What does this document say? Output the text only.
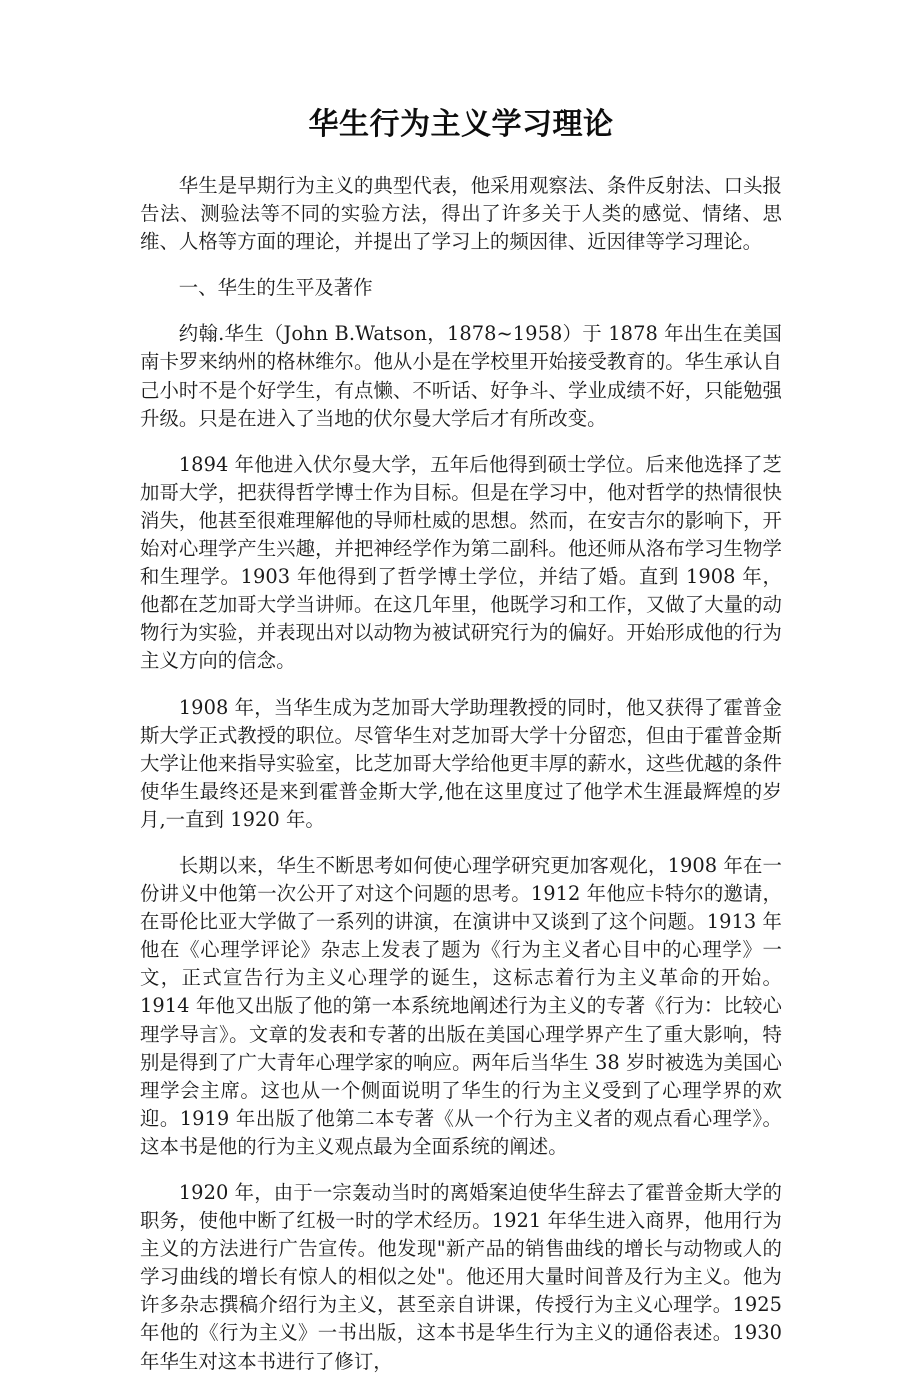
华生行为主义学习理论

华生是早期行为主义的典型代表，他采用观察法、条件反射法、口头报告法、测验法等不同的实验方法，得出了许多关于人类的感觉、情绪、思维、人格等方面的理论，并提出了学习上的频因律、近因律等学习理论。

一、华生的生平及著作

约翰.华生（John B.Watson，1878~1958）于 1878 年出生在美国南卡罗来纳州的格林维尔。他从小是在学校里开始接受教育的。华生承认自己小时不是个好学生，有点懒、不听话、好争斗、学业成绩不好，只能勉强升级。只是在进入了当地的伏尔曼大学后才有所改变。

1894 年他进入伏尔曼大学，五年后他得到硕士学位。后来他选择了芝加哥大学，把获得哲学博士作为目标。但是在学习中，他对哲学的热情很快消失，他甚至很难理解他的导师杜威的思想。然而，在安吉尔的影响下，开始对心理学产生兴趣，并把神经学作为第二副科。他还师从洛布学习生物学和生理学。1903 年他得到了哲学博土学位，并结了婚。直到 1908 年，他都在芝加哥大学当讲师。在这几年里，他既学习和工作，又做了大量的动物行为实验，并表现出对以动物为被试研究行为的偏好。开始形成他的行为主义方向的信念。

1908 年，当华生成为芝加哥大学助理教授的同时，他又获得了霍普金斯大学正式教授的职位。尽管华生对芝加哥大学十分留恋，但由于霍普金斯大学让他来指导实验室，比芝加哥大学给他更丰厚的薪水，这些优越的条件使华生最终还是来到霍普金斯大学,他在这里度过了他学术生涯最辉煌的岁月,一直到 1920 年。

长期以来，华生不断思考如何使心理学研究更加客观化，1908 年在一份讲义中他第一次公开了对这个问题的思考。1912 年他应卡特尔的邀请，在哥伦比亚大学做了一系列的讲演，在演讲中又谈到了这个问题。1913 年他在《心理学评论》杂志上发表了题为《行为主义者心目中的心理学》一文，正式宣告行为主义心理学的诞生，这标志着行为主义革命的开始。1914 年他又出版了他的第一本系统地阐述行为主义的专著《行为：比较心理学导言》。文章的发表和专著的出版在美国心理学界产生了重大影响，特别是得到了广大青年心理学家的响应。两年后当华生 38 岁时被选为美国心理学会主席。这也从一个侧面说明了华生的行为主义受到了心理学界的欢迎。1919 年出版了他第二本专著《从一个行为主义者的观点看心理学》。这本书是他的行为主义观点最为全面系统的阐述。

1920 年，由于一宗轰动当时的离婚案迫使华生辞去了霍普金斯大学的职务，使他中断了红极一时的学术经历。1921 年华生进入商界，他用行为主义的方法进行广告宣传。他发现"新产品的销售曲线的增长与动物或人的学习曲线的增长有惊人的相似之处"。他还用大量时间普及行为主义。他为许多杂志撰稿介绍行为主义，甚至亲自讲课，传授行为主义心理学。1925 年他的《行为主义》一书出版，这本书是华生行为主义的通俗表述。1930 年华生对这本书进行了修订，
